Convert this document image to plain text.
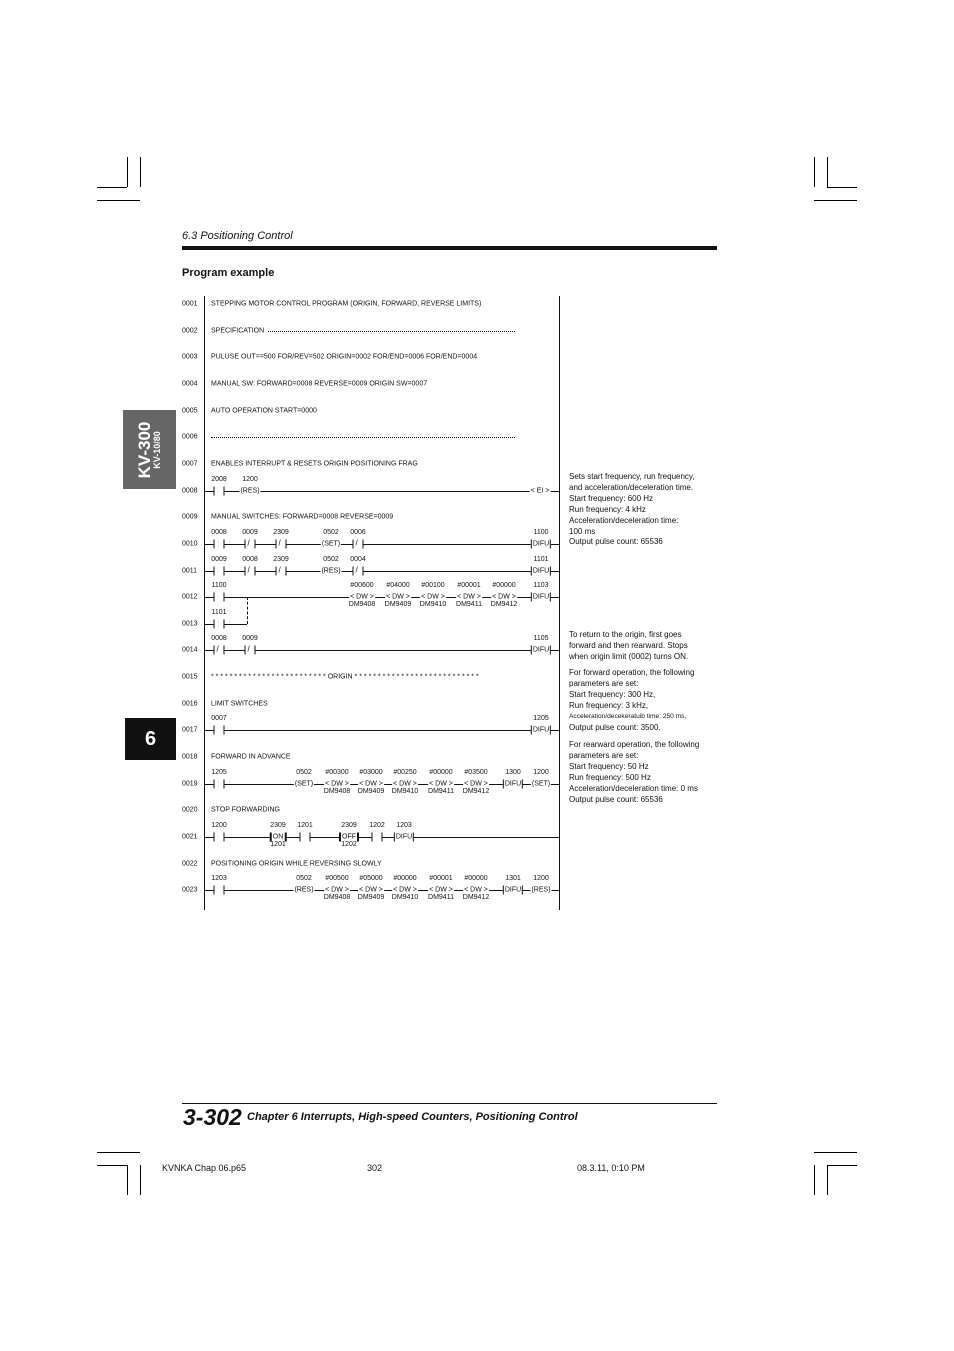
6.3 Positioning Control
Program example
KV-300
KV-10/80
6
0001 STEPPING MOTOR CONTROL PROGRAM (ORIGIN, FORWARD, REVERSE LIMITS)
0002 SPECIFICATION
0003 PULUSE OUT==500 FOR/REV=502 ORIGIN=0002 FOR/END=0006 FOR/END=0004
0004 MANUAL SW: FORWARD=0008 REVERSE=0009 ORIGIN SW=0007
0005 AUTO OPERATION START=0000
0006
0007 ENABLES INTERRUPT & RESETS ORIGIN POSITIONING FRAG
0008
2008
(RES)
1200
< EI >
0009 MANUAL SWITCHES: FORWARD=0008 REVERSE=0009
0010
0008
/ 0009
/ 2309
(SET)
0502
/ 0006
DIFU
1100
0011
0009
/ 0008
/ 2309
(RES)
0502
/ 0004
DIFU
1101
0012
1100
< DW >
#00600
DM9408
< DW >
#04000
DM9409
< DW >
#00100
DM9410
< DW >
#00001
DM9411
< DW >
#00000
DM9412
DIFU
1103
0013
1101
0014
/
0008
/ 0009
DIFU
1105
0015 * * * * * * * * * * * * * * * * * * * * * * * * * ORIGIN * * * * * * * * * * * * * * * * * * * * * * * * * * *
0016 LIMIT SWITCHES
0017
0007
DIFU
1205
0018 FORWARD IN ADVANCE
0019
1205
(SET)
0502
< DW >
#00300
DM9408
< DW >
#03000
DM9409
< DW >
#00250
DM9410
< DW >
#00000
DM9411
< DW >
#03500
DM9412
DIFU
1300
(SET)
1200
0020 STOP FORWARDING
0021
1200
ON
2309
1201
1201
OFF
2309
1202
1202
DIFU
1203
0022 POSITIONING ORIGIN WHILE REVERSING SLOWLY
0023
1203
(RES)
0502
< DW >
#00500
DM9408
< DW >
#05000
DM9409
< DW >
#00000
DM9410
< DW >
#00001
DM9411
< DW >
#00000
DM9412
DIFU
1301
(RES)
1200
Sets start frequency, run frequency,
and acceleration/deceleration time.
Start frequency: 600 Hz
Run frequency: 4 kHz
Acceleration/deceleration time:
100 ms
Output pulse count: 65536
To return to the origin, first goes
forward and then rearward. Stops
when origin limit (0002) turns ON.
For forward operation, the following
parameters are set:
Start frequency: 300 Hz,
Run frequency: 3 kHz,
Acceleration/decekeratuib time: 250 ms,
Output pulse count: 3500.
For rearward operation, the following
parameters are set:
Start frequency: 50 Hz
Run frequency: 500 Hz
Acceleration/deceleration time: 0 ms
Output pulse count: 65536
3-302 Chapter 6 Interrupts, High-speed Counters, Positioning Control
KVNKA Chap 06.p65	302	08.3.11, 0:10 PM
